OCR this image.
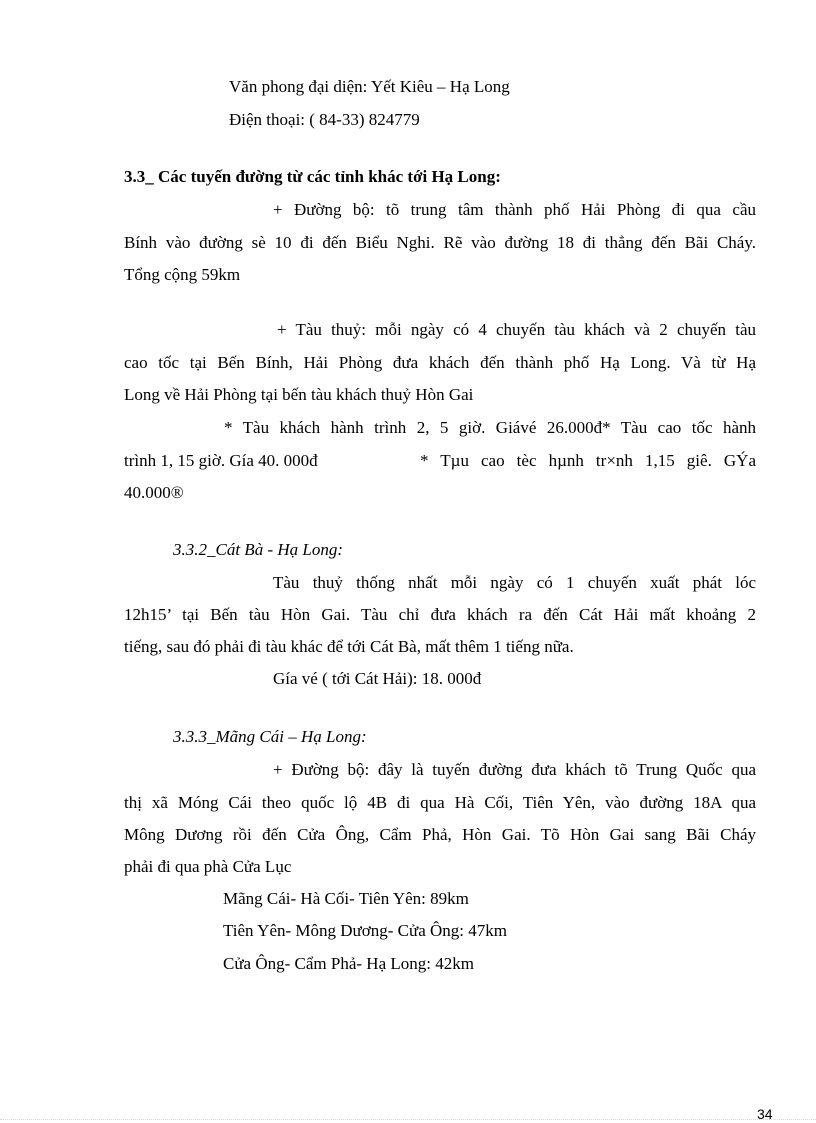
Văn phong đại diện: Yết Kiêu – Hạ Long
Điện thoại: ( 84-33) 824779
3.3_ Các tuyến đường từ các tỉnh khác tới Hạ Long:
+ Đường bộ: tõ trung tâm thành phố Hải Phòng đi qua cầu
Bính vào đường sè 10 đi đến Biểu Nghi. Rẽ vào đường 18 đi thẳng đến Bãi Cháy.
Tổng cộng 59km
+ Tàu thuỷ: mỗi ngày có 4 chuyến tàu khách và 2 chuyến tàu
cao tốc tại Bến Bính, Hải Phòng đưa khách đến thành phố Hạ Long. Và từ Hạ
Long về Hải Phòng tại bến tàu khách thuỷ Hòn Gai
* Tàu khách hành trình 2, 5 giờ. Giávé 26.000đ* Tàu cao tốc hành
trình 1, 15 giờ. Gía 40. 000đ	* Tµu cao tèc hµnh tr×nh 1,15 giê. GÝa
40.000®
3.3.2_Cát Bà - Hạ Long:
Tàu thuỷ thống nhất mỗi ngày có 1 chuyến xuất phát lóc
12h15’ tại Bến tàu Hòn Gai. Tàu chỉ đưa khách ra đến Cát Hải mất khoảng 2
tiếng, sau đó phải đi tàu khác để tới Cát Bà, mất thêm 1 tiếng nữa.
Gía vé ( tới Cát Hải): 18. 000đ
3.3.3_Mãng Cái – Hạ Long:
+ Đường bộ: đây là tuyến đường đưa khách tõ Trung Quốc qua
thị xã Móng Cái theo quốc lộ 4B đi qua Hà Cối, Tiên Yên, vào đường 18A qua
Mông Dương rồi đến Cửa Ông, Cẩm Phả, Hòn Gai. Tõ Hòn Gai sang Bãi Cháy
phải đi qua phà Cửa Lục
Mãng Cái- Hà Cối- Tiên Yên: 89km
Tiên Yên- Mông Dương- Cửa Ông: 47km
Cửa Ông- Cẩm Phả- Hạ Long: 42km
34
